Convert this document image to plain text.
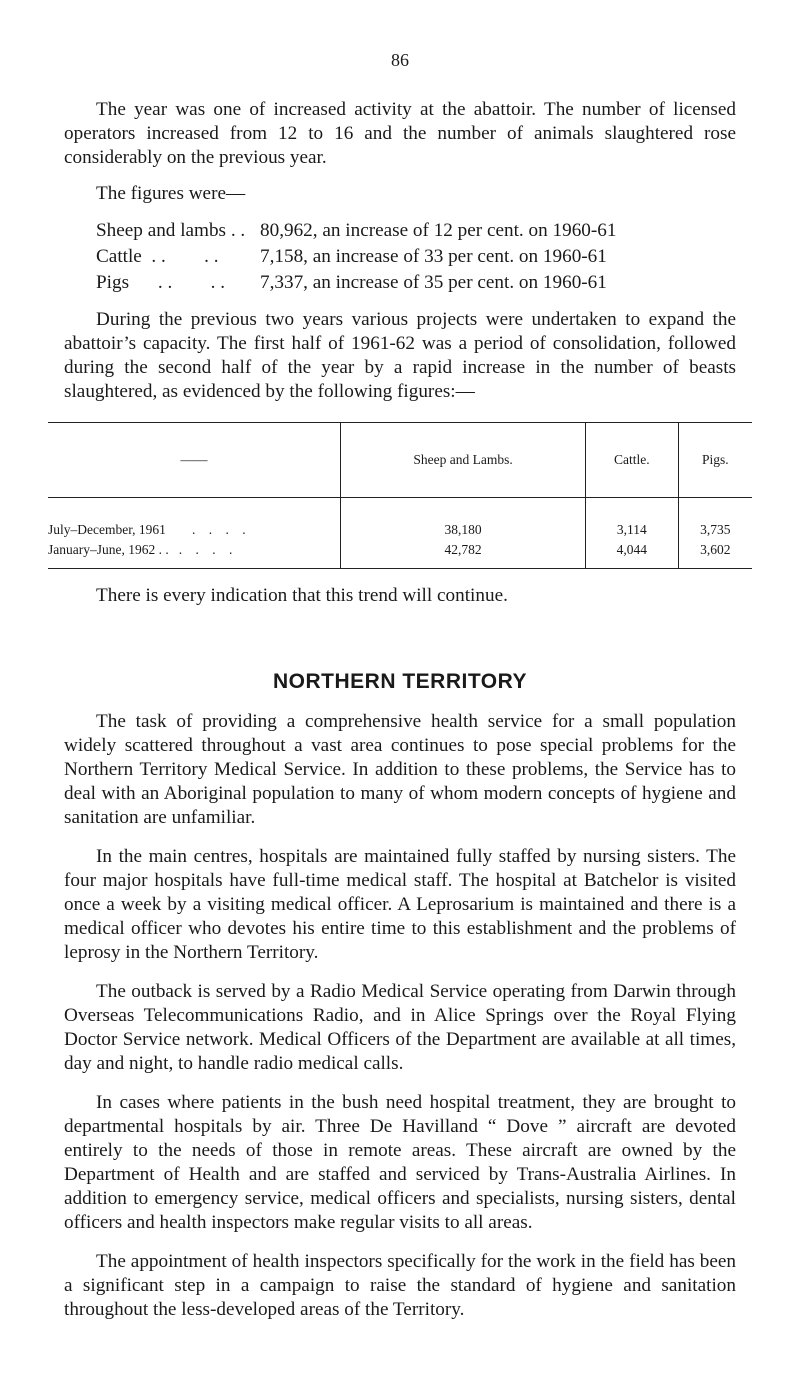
86

The year was one of increased activity at the abattoir. The number of licensed operators increased from 12 to 16 and the number of animals slaughtered rose considerably on the previous year.

The figures were—

Sheep and lambs . . 80,962, an increase of 12 per cent. on 1960-61
Cattle  . .        . .	7,158, an increase of 33 per cent. on 1960-61
Pigs      . .        . .	7,337, an increase of 35 per cent. on 1960-61

During the previous two years various projects were undertaken to expand the abattoir’s capacity. The first half of 1961-62 was a period of consolidation, followed during the second half of the year by a rapid increase in the number of beasts slaughtered, as evidenced by the following figures:—

——	Sheep and Lambs.	Cattle.	Pigs.
July–December, 1961 . . . .	38,180	3,114	3,735
January–June, 1962 . . . . . .	42,782	4,044	3,602

There is every indication that this trend will continue.

NORTHERN TERRITORY

The task of providing a comprehensive health service for a small population widely scattered throughout a vast area continues to pose special problems for the Northern Territory Medical Service. In addition to these problems, the Service has to deal with an Aboriginal population to many of whom modern concepts of hygiene and sanitation are unfamiliar.

In the main centres, hospitals are maintained fully staffed by nursing sisters. The four major hospitals have full-time medical staff. The hospital at Batchelor is visited once a week by a visiting medical officer. A Leprosarium is maintained and there is a medical officer who devotes his entire time to this establishment and the problems of leprosy in the Northern Territory.

The outback is served by a Radio Medical Service operating from Darwin through Overseas Telecommunications Radio, and in Alice Springs over the Royal Flying Doctor Service network. Medical Officers of the Department are available at all times, day and night, to handle radio medical calls.

In cases where patients in the bush need hospital treatment, they are brought to departmental hospitals by air. Three De Havilland “ Dove ” aircraft are devoted entirely to the needs of those in remote areas. These aircraft are owned by the Department of Health and are staffed and serviced by Trans-Australia Airlines. In addition to emergency service, medical officers and specialists, nursing sisters, dental officers and health inspectors make regular visits to all areas.

The appointment of health inspectors specifically for the work in the field has been a significant step in a campaign to raise the standard of hygiene and sanitation throughout the less-developed areas of the Territory.
